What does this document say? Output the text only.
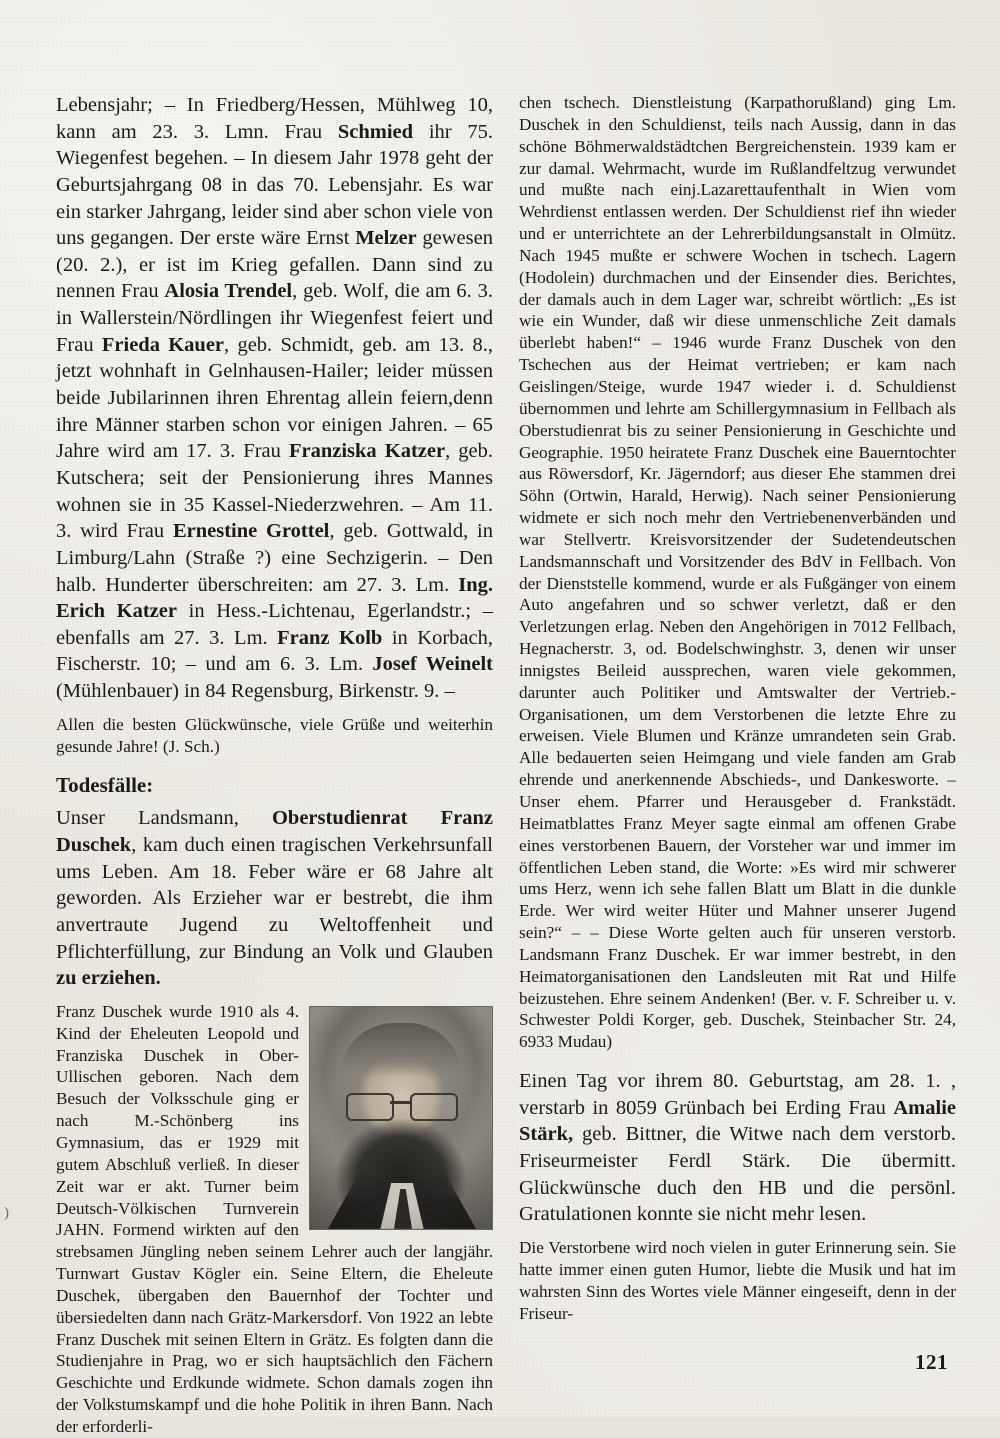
)

Lebensjahr; – In Friedberg/Hessen, Mühlweg 10, kann am 23. 3. Lmn. Frau Schmied ihr 75. Wiegenfest begehen. – In diesem Jahr 1978 geht der Geburtsjahrgang 08 in das 70. Lebensjahr. Es war ein starker Jahrgang, leider sind aber schon viele von uns gegangen. Der erste wäre Ernst Melzer gewesen (20. 2.), er ist im Krieg gefallen. Dann sind zu nennen Frau Alosia Trendel, geb. Wolf, die am 6. 3. in Wallerstein/Nördlingen ihr Wiegenfest feiert und Frau Frieda Kauer, geb. Schmidt, geb. am 13. 8., jetzt wohnhaft in Gelnhausen-Hailer; leider müssen beide Jubilarinnen ihren Ehrentag allein feiern,denn ihre Männer starben schon vor einigen Jahren. – 65 Jahre wird am 17. 3. Frau Franziska Katzer, geb. Kutschera; seit der Pensionierung ihres Mannes wohnen sie in 35 Kassel-Niederzwehren. – Am 11. 3. wird Frau Ernestine Grottel, geb. Gottwald, in Limburg/Lahn (Straße ?) eine Sechzigerin. – Den halb. Hunderter überschreiten: am 27. 3. Lm. Ing. Erich Katzer in Hess.-Lichtenau, Egerlandstr.; – ebenfalls am 27. 3. Lm. Franz Kolb in Korbach, Fischerstr. 10; – und am 6. 3. Lm. Josef Weinelt (Mühlenbauer) in 84 Regensburg, Birkenstr. 9. –

Allen die besten Glückwünsche, viele Grüße und weiterhin gesunde Jahre! (J. Sch.)

Todesfälle:

Unser Landsmann, Oberstudienrat Franz Duschek, kam duch einen tragischen Verkehrsunfall ums Leben. Am 18. Feber wäre er 68 Jahre alt geworden. Als Erzieher war er bestrebt, die ihm anvertraute Jugend zu Weltoffenheit und Pflichterfüllung, zur Bindung an Volk und Glauben zu erziehen.

Franz Duschek wurde 1910 als 4. Kind der Eheleuten Leopold und Franziska Duschek in Ober-Ullischen geboren. Nach dem Besuch der Volksschule ging er nach M.-Schönberg ins Gymnasium, das er 1929 mit gutem Abschluß verließ. In dieser Zeit war er akt. Turner beim Deutsch-Völkischen Turnverein JAHN. Formend wirkten auf den strebsamen Jüngling neben seinem Lehrer auch der langjähr. Turnwart Gustav Kögler ein. Seine Eltern, die Eheleute Duschek, übergaben den Bauernhof der Tochter und übersiedelten dann nach Grätz-Markersdorf. Von 1922 an lebte Franz Duschek mit seinen Eltern in Grätz. Es folgten dann die Studienjahre in Prag, wo er sich hauptsächlich den Fächern Geschichte und Erdkunde widmete. Schon damals zogen ihn der Volkstumskampf und die hohe Politik in ihren Bann. Nach der erforderli-

chen tschech. Dienstleistung (Karpathorußland) ging Lm. Duschek in den Schuldienst, teils nach Aussig, dann in das schöne Böhmerwaldstädtchen Bergreichenstein. 1939 kam er zur damal. Wehrmacht, wurde im Rußlandfeltzug verwundet und mußte nach einj.Lazarettaufenthalt in Wien vom Wehrdienst entlassen werden. Der Schuldienst rief ihn wieder und er unterrichtete an der Lehrerbildungsanstalt in Olmütz. Nach 1945 mußte er schwere Wochen in tschech. Lagern (Hodolein) durchmachen und der Einsender dies. Berichtes, der damals auch in dem Lager war, schreibt wörtlich: „Es ist wie ein Wunder, daß wir diese unmenschliche Zeit damals überlebt haben!“ – 1946 wurde Franz Duschek von den Tschechen aus der Heimat vertrieben; er kam nach Geislingen/Steige, wurde 1947 wieder i. d. Schuldienst übernommen und lehrte am Schillergymnasium in Fellbach als Oberstudienrat bis zu seiner Pensionierung in Geschichte und Geographie. 1950 heiratete Franz Duschek eine Bauerntochter aus Röwersdorf, Kr. Jägerndorf; aus dieser Ehe stammen drei Söhn (Ortwin, Harald, Herwig). Nach seiner Pensionierung widmete er sich noch mehr den Vertriebenenverbänden und war Stellvertr. Kreisvorsitzender der Sudetendeutschen Landsmannschaft und Vorsitzender des BdV in Fellbach. Von der Dienststelle kommend, wurde er als Fußgänger von einem Auto angefahren und so schwer verletzt, daß er den Verletzungen erlag. Neben den Angehörigen in 7012 Fellbach, Hegnacherstr. 3, od. Bodelschwinghstr. 3, denen wir unser innigstes Beileid aussprechen, waren viele gekommen, darunter auch Politiker und Amtswalter der Vertrieb.-Organisationen, um dem Verstorbenen die letzte Ehre zu erweisen. Viele Blumen und Kränze umrandeten sein Grab. Alle bedauerten seien Heimgang und viele fanden am Grab ehrende und anerkennende Abschieds-, und Dankesworte. – Unser ehem. Pfarrer und Herausgeber d. Frankstädt. Heimatblattes Franz Meyer sagte einmal am offenen Grabe eines verstorbenen Bauern, der Vorsteher war und immer im öffentlichen Leben stand, die Worte: »Es wird mir schwerer ums Herz, wenn ich sehe fallen Blatt um Blatt in die dunkle Erde. Wer wird weiter Hüter und Mahner unserer Jugend sein?“ – – Diese Worte gelten auch für unseren verstorb. Landsmann Franz Duschek. Er war immer bestrebt, in den Heimatorganisationen den Landsleuten mit Rat und Hilfe beizustehen. Ehre seinem Andenken! (Ber. v. F. Schreiber u. v. Schwester Poldi Korger, geb. Duschek, Steinbacher Str. 24, 6933 Mudau)

Einen Tag vor ihrem 80. Geburtstag, am 28. 1. , verstarb in 8059 Grünbach bei Erding Frau Amalie Stärk, geb. Bittner, die Witwe nach dem verstorb. Friseurmeister Ferdl Stärk. Die übermitt. Glückwünsche duch den HB und die persönl. Gratulationen konnte sie nicht mehr lesen.

Die Verstorbene wird noch vielen in guter Erinnerung sein. Sie hatte immer einen guten Humor, liebte die Musik und hat im wahrsten Sinn des Wortes viele Männer eingeseift, denn in der Friseur-

121
